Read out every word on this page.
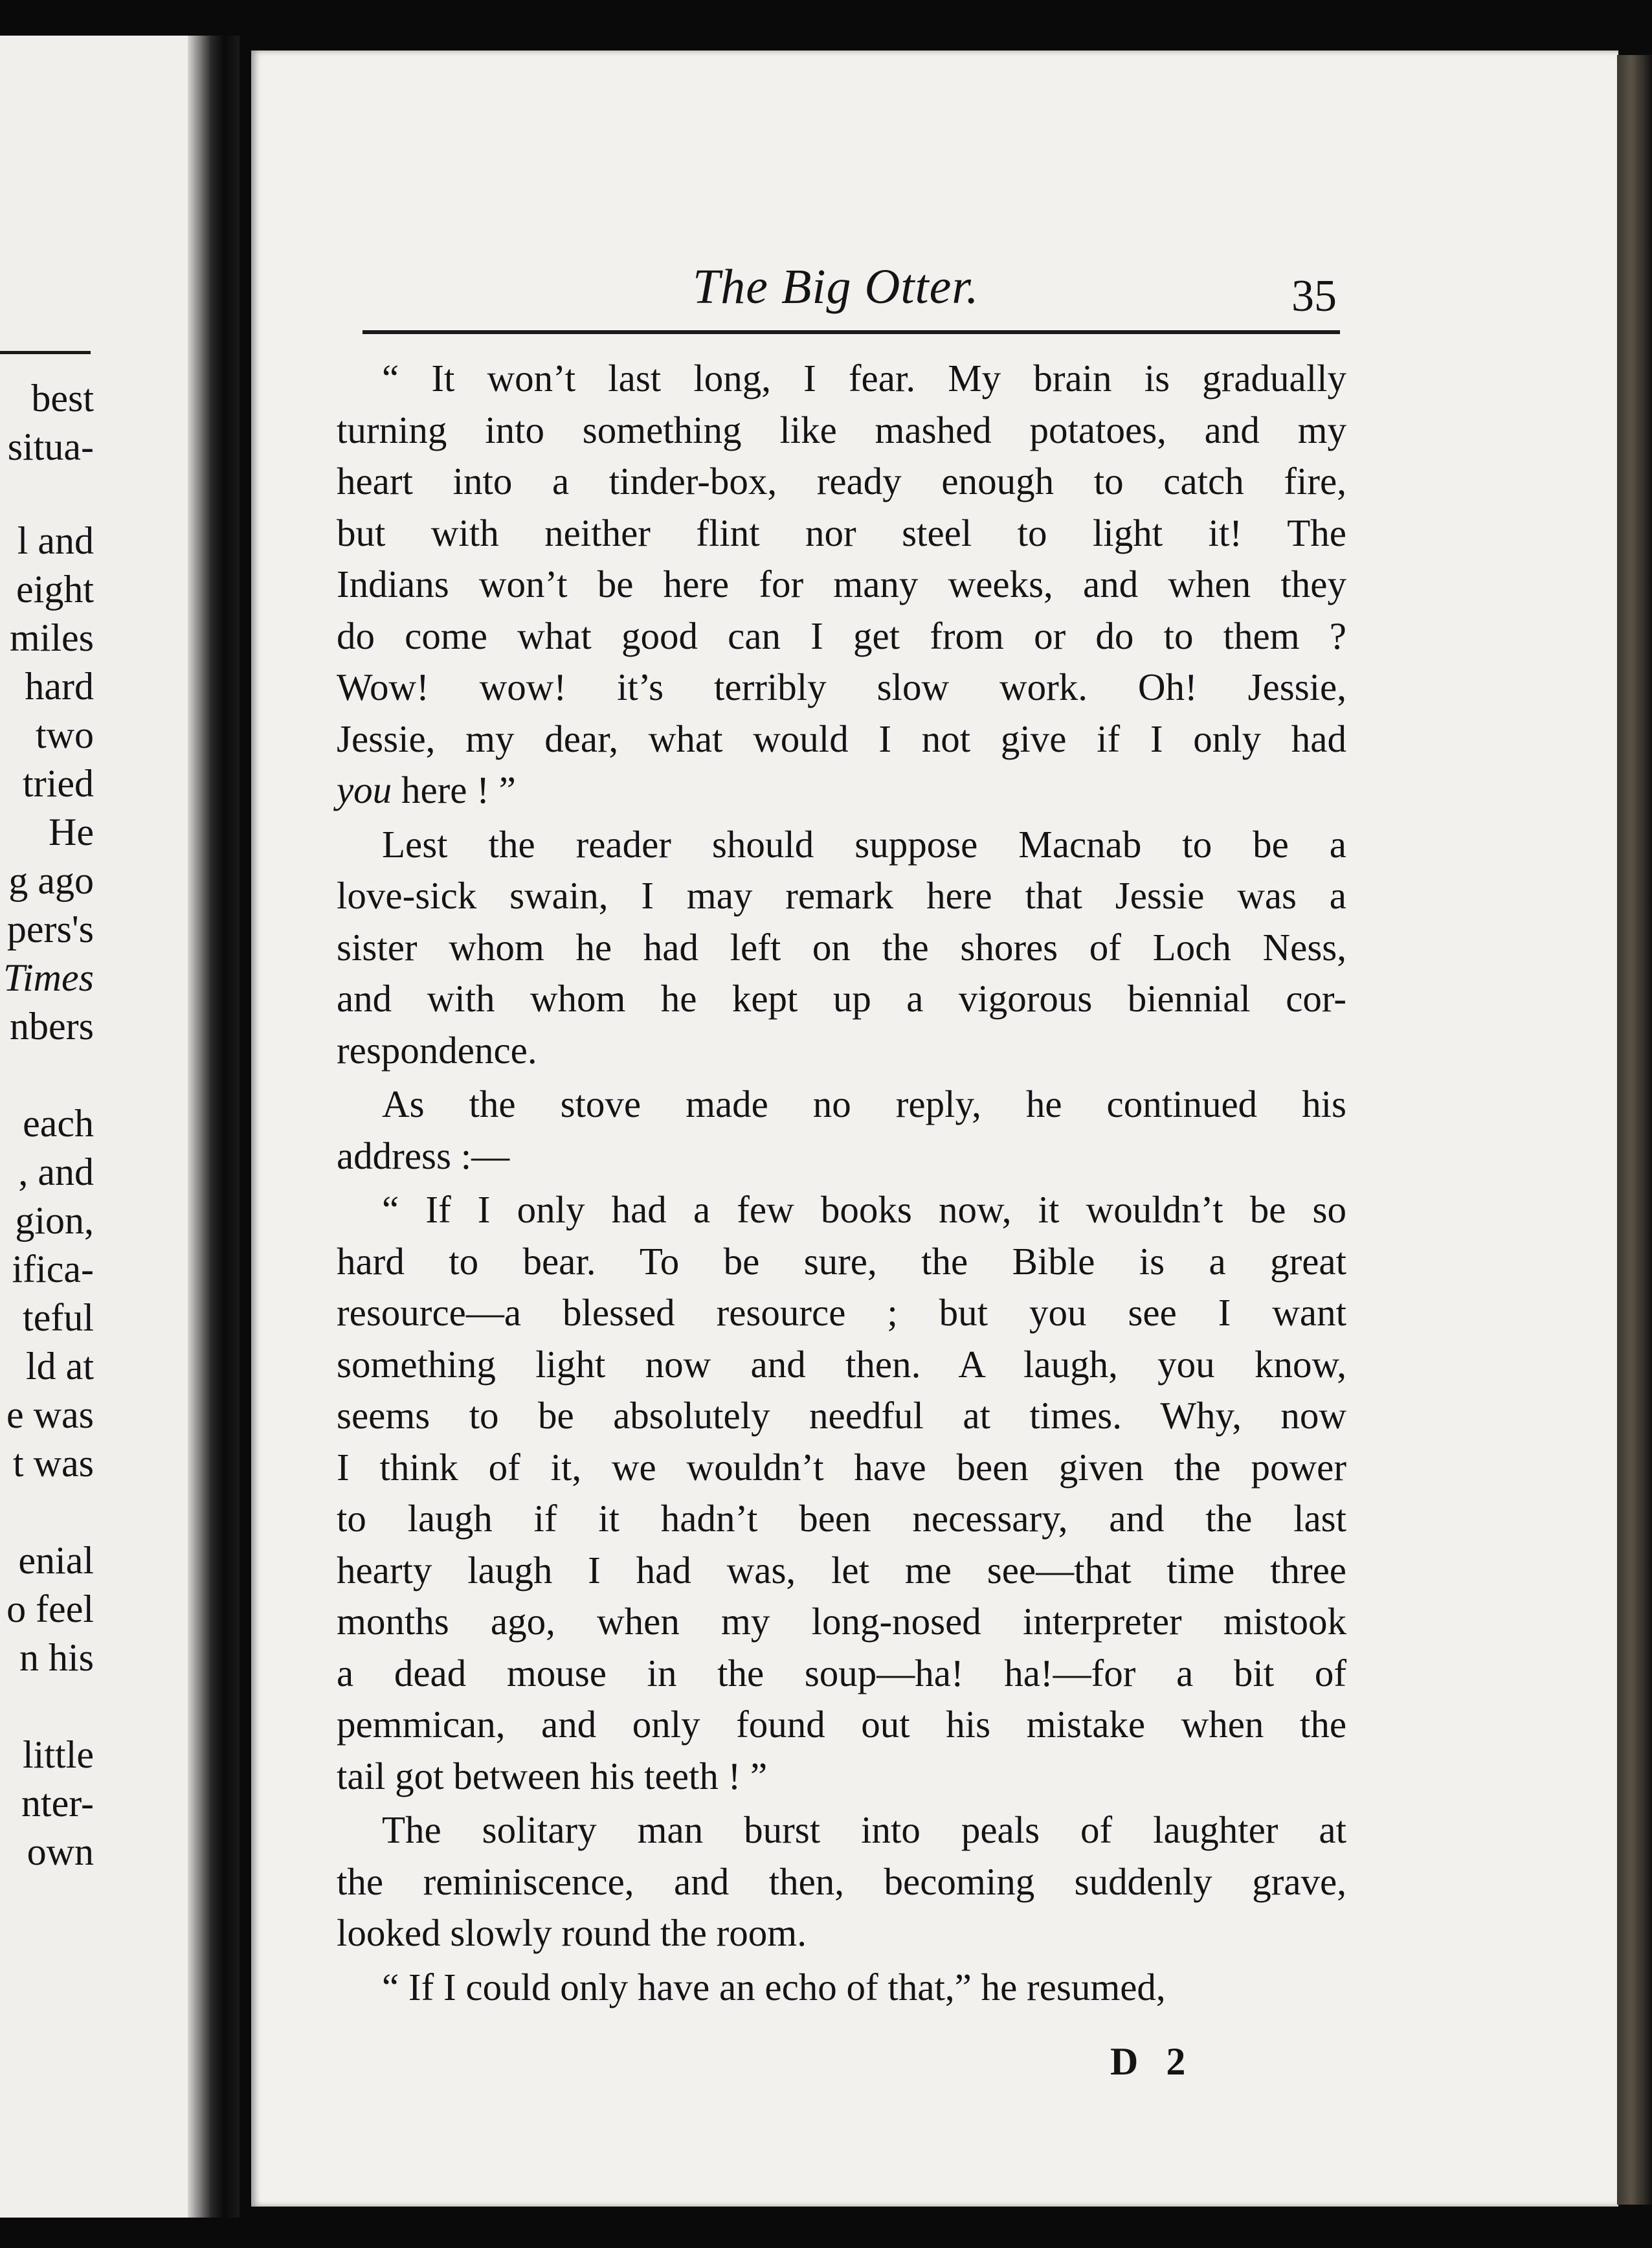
best
situa-
l and
eight
miles
hard
two
tried
He
g ago
pers's
Times
nbers
each
, and
gion,
ifica-
teful
ld at
e was
t was
enial
o feel
n his
little
nter-
own
The Big Otter.	35

“ It won’t last long, I fear. My brain is gradually
turning into something like mashed potatoes, and my
heart into a tinder-box, ready enough to catch fire,
but with neither flint nor steel to light it! The
Indians won’t be here for many weeks, and when they
do come what good can I get from or do to them ?
Wow! wow! it’s terribly slow work. Oh! Jessie,
Jessie, my dear, what would I not give if I only had
you here ! ”

Lest the reader should suppose Macnab to be a
love-sick swain, I may remark here that Jessie was a
sister whom he had left on the shores of Loch Ness,
and with whom he kept up a vigorous biennial cor-
respondence.

As the stove made no reply, he continued his
address :—

“ If I only had a few books now, it wouldn’t be so
hard to bear. To be sure, the Bible is a great
resource—a blessed resource ; but you see I want
something light now and then. A laugh, you know,
seems to be absolutely needful at times. Why, now
I think of it, we wouldn’t have been given the power
to laugh if it hadn’t been necessary, and the last
hearty laugh I had was, let me see—that time three
months ago, when my long-nosed interpreter mistook
a dead mouse in the soup—ha! ha!—for a bit of
pemmican, and only found out his mistake when the
tail got between his teeth ! ”

The solitary man burst into peals of laughter at
the reminiscence, and then, becoming suddenly grave,
looked slowly round the room.

“ If I could only have an echo of that,” he resumed,

D 2
